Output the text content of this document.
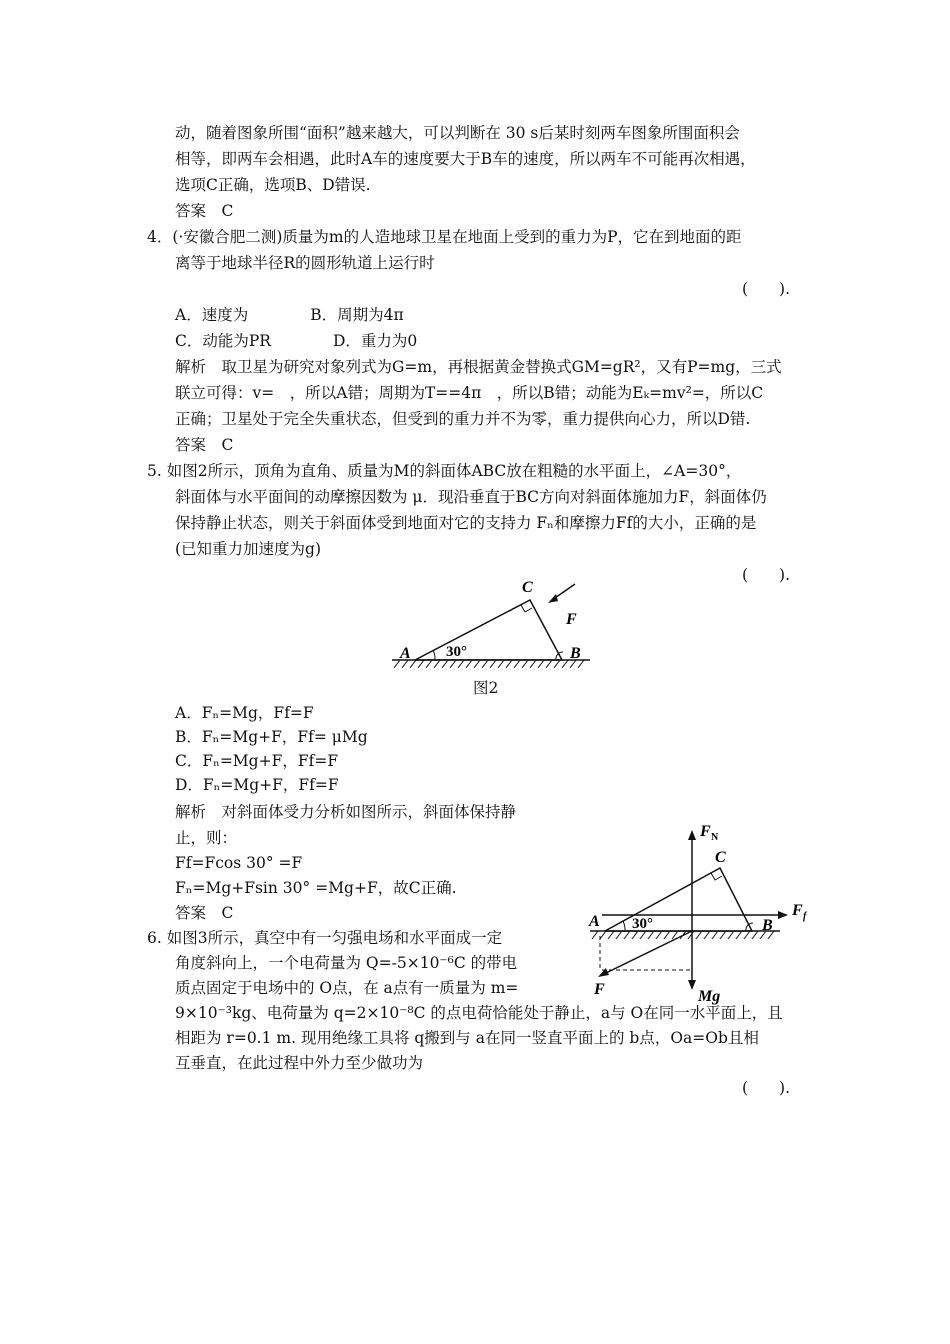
动，随着图象所围“面积”越来越大，可以判断在 30 s后某时刻两车图象所围面积会
相等，即两车会相遇，此时A车的速度要大于B车的速度，所以两车不可能再次相遇，
选项C正确，选项B、D错误.
答案　C
4．(·安徽合肥二测)质量为m的人造地球卫星在地面上受到的重力为P，它在到地面的距
离等于地球半径R的圆形轨道上运行时
(　　).
A．速度为　　　　B．周期为4π
C．动能为PR　　　　D．重力为0
解析　取卫星为研究对象列式为G=m，再根据黄金替换式GM=gR²，又有P=mg，三式
联立可得：v=　，所以A错；周期为T==4π　，所以B错；动能为Eₖ=mv²=，所以C
正确；卫星处于完全失重状态，但受到的重力并不为零，重力提供向心力，所以D错.
答案　C
5. 如图2所示，顶角为直角、质量为M的斜面体ABC放在粗糙的水平面上，∠A=30°，
斜面体与水平面间的动摩擦因数为 μ．现沿垂直于BC方向对斜面体施加力F，斜面体仍
保持静止状态，则关于斜面体受到地面对它的支持力 Fₙ和摩擦力Ff的大小，正确的是
(已知重力加速度为g)
(　　).
C
F
A	B
30°
图2
A．Fₙ=Mg，Ff=F
B．Fₙ=Mg+F，Ff= μMg
C．Fₙ=Mg+F，Ff=F
D．Fₙ=Mg+F，Ff=F
解析　对斜面体受力分析如图所示，斜面体保持静
止，则：
Ff=Fcos 30° =F
Fₙ=Mg+Fsin 30° =Mg+F，故C正确.
答案　C
6. 如图3所示，真空中有一匀强电场和水平面成一定
角度斜向上，一个电荷量为 Q=-5×10⁻⁶C 的带电
质点固定于电场中的 O点，在 a点有一质量为 m=
9×10⁻³kg、电荷量为 q=2×10⁻⁸C 的点电荷恰能处于静止，a与 O在同一水平面上，且
相距为 r=0.1 m. 现用绝缘工具将 q搬到与 a在同一竖直平面上的 b点，Oa=Ob且相
互垂直，在此过程中外力至少做功为
(　　).
F N
C
A	B
F f
F	Mg
30°
